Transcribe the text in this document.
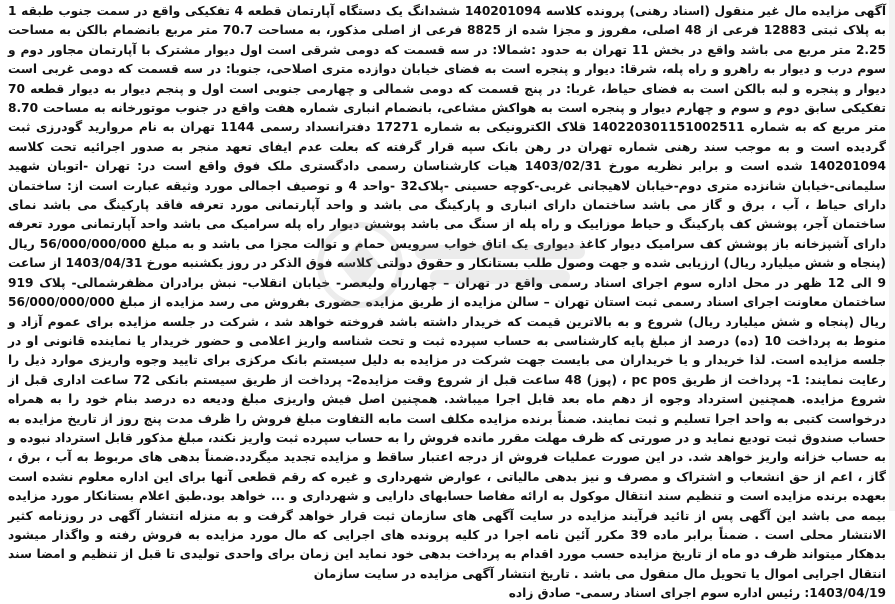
آگهی مزایده مال غیر منقول (اسناد رهنی) پرونده کلاسه 140201094 ششدانگ یک دستگاه آپارتمان قطعه 4 تفکیکی واقع در سمت جنوب طبقه 1 به پلاک ثبتی 12883 فرعی از 48 اصلی، مفروز و مجزا شده از 8825 فرعی از اصلی مذکور، به مساحت 70.7 متر مربع بانضمام بالکن به مساحت 2.25 متر مربع می باشد واقع در بخش 11 تهران به حدود :شمالا: در سه قسمت که دومی شرقی است اول دیوار مشترک با آپارتمان مجاور دوم و سوم درب و دیوار به راهرو و راه پله، شرقا: دیوار و پنجره است به فضای خیابان دوازده متری اصلاحی، جنوبا: در سه قسمت که دومی غربی است دیوار و پنجره و لبه بالکن است به فضای حیاط، غربا: در پنج قسمت که دومی شمالی و چهارمی جنوبی است اول و پنجم دیوار به دیوار قطعه 70 تفکیکی سابق دوم و سوم و چهارم دیوار و پنجره است به هواکش مشاعی، بانضمام انباری شماره هفت واقع در جنوب موتورخانه به مساحت 8.70 متر مربع که به شماره 140220301151002511 قلاک الکترونیکی به شماره 17271 دفترانسداد رسمی 1144 تهران به نام مروارید گودرزی ثبت گردیده است و به موجب سند رهنی شماره تهران در رهن بانک سپه قرار گرفته که بعلت عدم ایفای تعهد منجر به صدور اجرائیه تحت کلاسه 140201094 شده است و برابر نظریه مورخ 1403/02/31 هیات کارشناسان رسمی دادگستری ملک فوق واقع است در: تهران -اتوبان شهید سلیمانی-خیابان شانزده متری دوم-خیابان لاهیجانی غربی-کوچه حسینی -پلاک32 -واحد 4 و توصیف اجمالی مورد وثیقه عبارت است از: ساختمان دارای حیاط ، آب ، برق و گاز می باشد ساختمان دارای انباری و پارکینگ می باشد و واحد آپارتمانی مورد تعرفه فاقد پارکینگ می باشد نمای ساختمان آجر، پوشش کف پارکینگ و حیاط موزاییک و راه پله از سنگ می باشد پوشش دیوار راه پله سرامیک می باشد واحد آپارتمانی مورد تعرفه دارای آشپزخانه باز پوشش کف سرامیک دیوار کاغذ دیواری یک اتاق خواب سرویس حمام و توالت مجزا می باشد و به مبلغ 56/000/000/000 ریال (پنجاه و شش میلیارد ریال) ارزیابی شده و جهت وصول طلب بستانکار و حقوق دولتی کلاسه فوق الذکر در روز یکشنبه مورخ 1403/04/31 از ساعت 9 الی 12 ظهر در محل اداره سوم اجرای اسناد رسمی واقع در تهران – چهارراه ولیعصر- خیابان انقلاب- نبش برادران مظفرشمالی- پلاک 919 ساختمان معاونت اجرای اسناد رسمی ثبت استان تهران – سالن مزایده از طریق مزایده حضوری بفروش می رسد مزایده از مبلغ 56/000/000/000 ریال (پنجاه و شش میلیارد ریال) شروع و به بالاترین قیمت که خریدار داشته باشد فروخته خواهد شد ، شرکت در جلسه مزایده برای عموم آزاد و منوط به پرداخت 10 (ده) درصد از مبلغ پایه کارشناسی به حساب سپرده ثبت و تحت شناسه واریز اعلامی و حضور خریدار یا نماینده قانونی او در جلسه مزایده است. لذا خریدار و یا خریداران می بایست جهت شرکت در مزایده به دلیل سیستم بانک مرکزی برای تایید وجوه واریزی موارد ذیل را رعایت نمایند: 1- پرداخت از طریق pc pos ، (پوز) 48 ساعت قبل از شروع وقت مزایده2- پرداخت از طریق سیستم بانکی 72 ساعت اداری قبل از شروع مزایده. همچنین استرداد وجوه از دهم ماه بعد قابل اجرا میباشد. همچنین اصل فیش واریزی مبلغ ودیعه ده درصد بنام خود را به همراه درخواست کتبی به واحد اجرا تسلیم و ثبت نمایند. ضمناً برنده مزایده مکلف است مابه التفاوت مبلغ فروش را ظرف مدت پنج روز از تاریخ مزایده به حساب صندوق ثبت تودیع نماید و در صورتی که ظرف مهلت مقرر مانده فروش را به حساب سپرده ثبت واریز نکند، مبلغ مذکور قابل استرداد نبوده و به حساب خزانه واریز خواهد شد. در این صورت عملیات فروش از درجه اعتبار ساقط و مزایده تجدید میگردد.ضمناً بدهی های مربوط به آب ، برق ، گاز ، اعم از حق انشعاب و اشتراک و مصرف و نیز بدهی مالیاتی ، عوارض شهرداری و غیره که رقم قطعی آنها برای این اداره معلوم نشده است بعهده برنده مزایده است و تنظیم سند انتقال موکول به ارائه مفاصا حسابهای دارایی و شهرداری و ... خواهد بود.طبق اعلام بستانکار مورد مزایده بیمه می باشد این آگهی پس از تائید فرآیند مزایده در سایت آگهی های سازمان ثبت قرار خواهد گرفت و به منزله انتشار آگهی در روزنامه کثیر الانتشار محلی است . ضمناً برابر ماده 39 مکرر آئین نامه اجرا در کلیه پرونده های اجرایی که مال مورد مزایده به فروش رفته و واگذار میشود بدهکار میتواند ظرف دو ماه از تاریخ مزایده حسب مورد اقدام به پرداخت بدهی خود نماید این زمان برای واحدی تولیدی تا قبل از تنظیم و امضا سند انتقال اجرایی اموال یا تحویل مال منقول می باشد . تاریخ انتشار آگهی مزایده در سایت سازمان

1403/04/19: رئیس اداره سوم اجرای اسناد رسمی- صادق زاده
